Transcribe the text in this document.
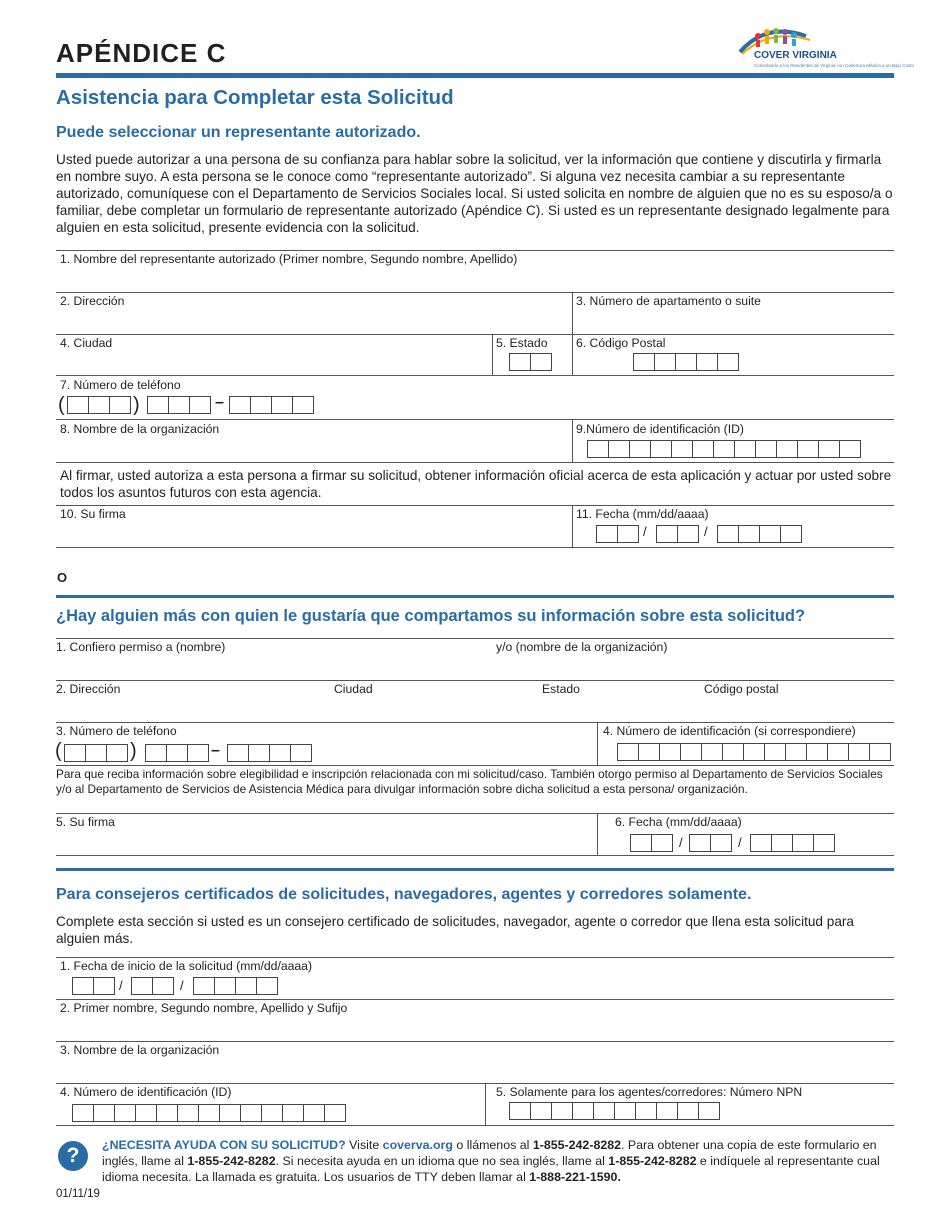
APÉNDICE C	COVER VIRGINIA
Conectando a los Residentes de Virginia con Cobertura Médica a un Bajo Costo
Asistencia para Completar esta Solicitud
Puede seleccionar un representante autorizado.
Usted puede autorizar a una persona de su confianza para hablar sobre la solicitud, ver la información que contiene y discutirla y firmarla en nombre suyo. A esta persona se le conoce como “representante autorizado”. Si alguna vez necesita cambiar a su representante autorizado, comuníquese con el Departamento de Servicios Sociales local. Si usted solicita en nombre de alguien que no es su esposo/a o familiar, debe completar un formulario de representante autorizado (Apéndice C). Si usted es un representante designado legalmente para alguien en esta solicitud, presente evidencia con la solicitud.
1. Nombre del representante autorizado (Primer nombre, Segundo nombre, Apellido)
2. Dirección	3. Número de apartamento o suite
4. Ciudad	5. Estado 6. Código Postal
7. Número de teléfono
(	)	–
8. Nombre de la organización	9.Número de identificación (ID)
Al firmar, usted autoriza a esta persona a firmar su solicitud, obtener información oficial acerca de esta aplicación y actuar por usted sobre todos los asuntos futuros con esta agencia.
10. Su firma	11. Fecha (mm/dd/aaaa)
/	/
O
¿Hay alguien más con quien le gustaría que compartamos su información sobre esta solicitud?
1. Confiero permiso a (nombre)	y/o (nombre de la organización)
2. Dirección	Ciudad	Estado	Código postal
3. Número de teléfono
(	)	–
4. Número de identificación (si correspondiere)
Para que reciba información sobre elegibilidad e inscripción relacionada con mi solicitud/caso. También otorgo permiso al Departamento de Servicios Sociales y/o al Departamento de Servicios de Asistencia Médica para divulgar información sobre dicha solicitud a esta persona/ organización.
5. Su firma	6. Fecha (mm/dd/aaaa)
/	/
Para consejeros certificados de solicitudes, navegadores, agentes y corredores solamente.
Complete esta sección si usted es un consejero certificado de solicitudes, navegador, agente o corredor que llena esta solicitud para alguien más.
1. Fecha de inicio de la solicitud (mm/dd/aaaa)
/	/
2. Primer nombre, Segundo nombre, Apellido y Sufijo
3. Nombre de la organización
4. Número de identificación (ID)	5. Solamente para los agentes/corredores: Número NPN
?	¿NECESITA AYUDA CON SU SOLICITUD? Visite coverva.org o llámenos al 1-855-242-8282. Para obtener una copia de este formulario en inglés, llame al 1-855-242-8282. Si necesita ayuda en un idioma que no sea inglés, llame al 1-855-242-8282 e indíquele al representante cual idioma necesita. La llamada es gratuita. Los usuarios de TTY deben llamar al 1-888-221-1590.
01/11/19
